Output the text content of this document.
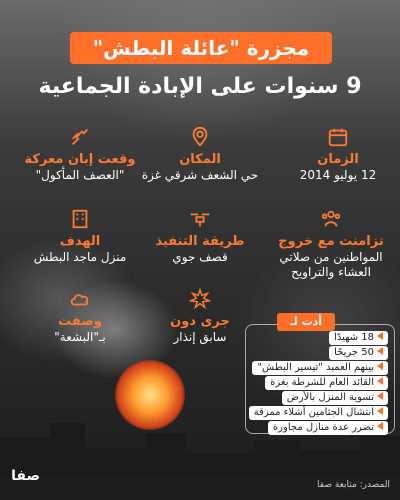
مجزرة "عائلة البطش"
9 سنوات على الإبادة الجماعية
الزمان
12 يوليو 2014
المكان
حي الشعف شرقي غزة
وقعت إبان معركة
"العصف المأكول"
تزامنت مع خروج
المواطنين من صلاتي العشاء والتراويح
طريقة التنفيذ
قصف جوي
الهدف
منزل ماجد البطش
جرى دون
سابق إنذار
وصفت
بـ"البشعة"
أدت لـ
18 شهيدًا
50 جريحًا
بينهم العميد "تيسير البطش"
القائد العام للشرطة بغزة
تسوية المنزل بالأرض
انتشال الجثامين أشلاء ممزقة
تضرر عدة منازل مجاورة
المصدر: متابعة صفا
صفا
